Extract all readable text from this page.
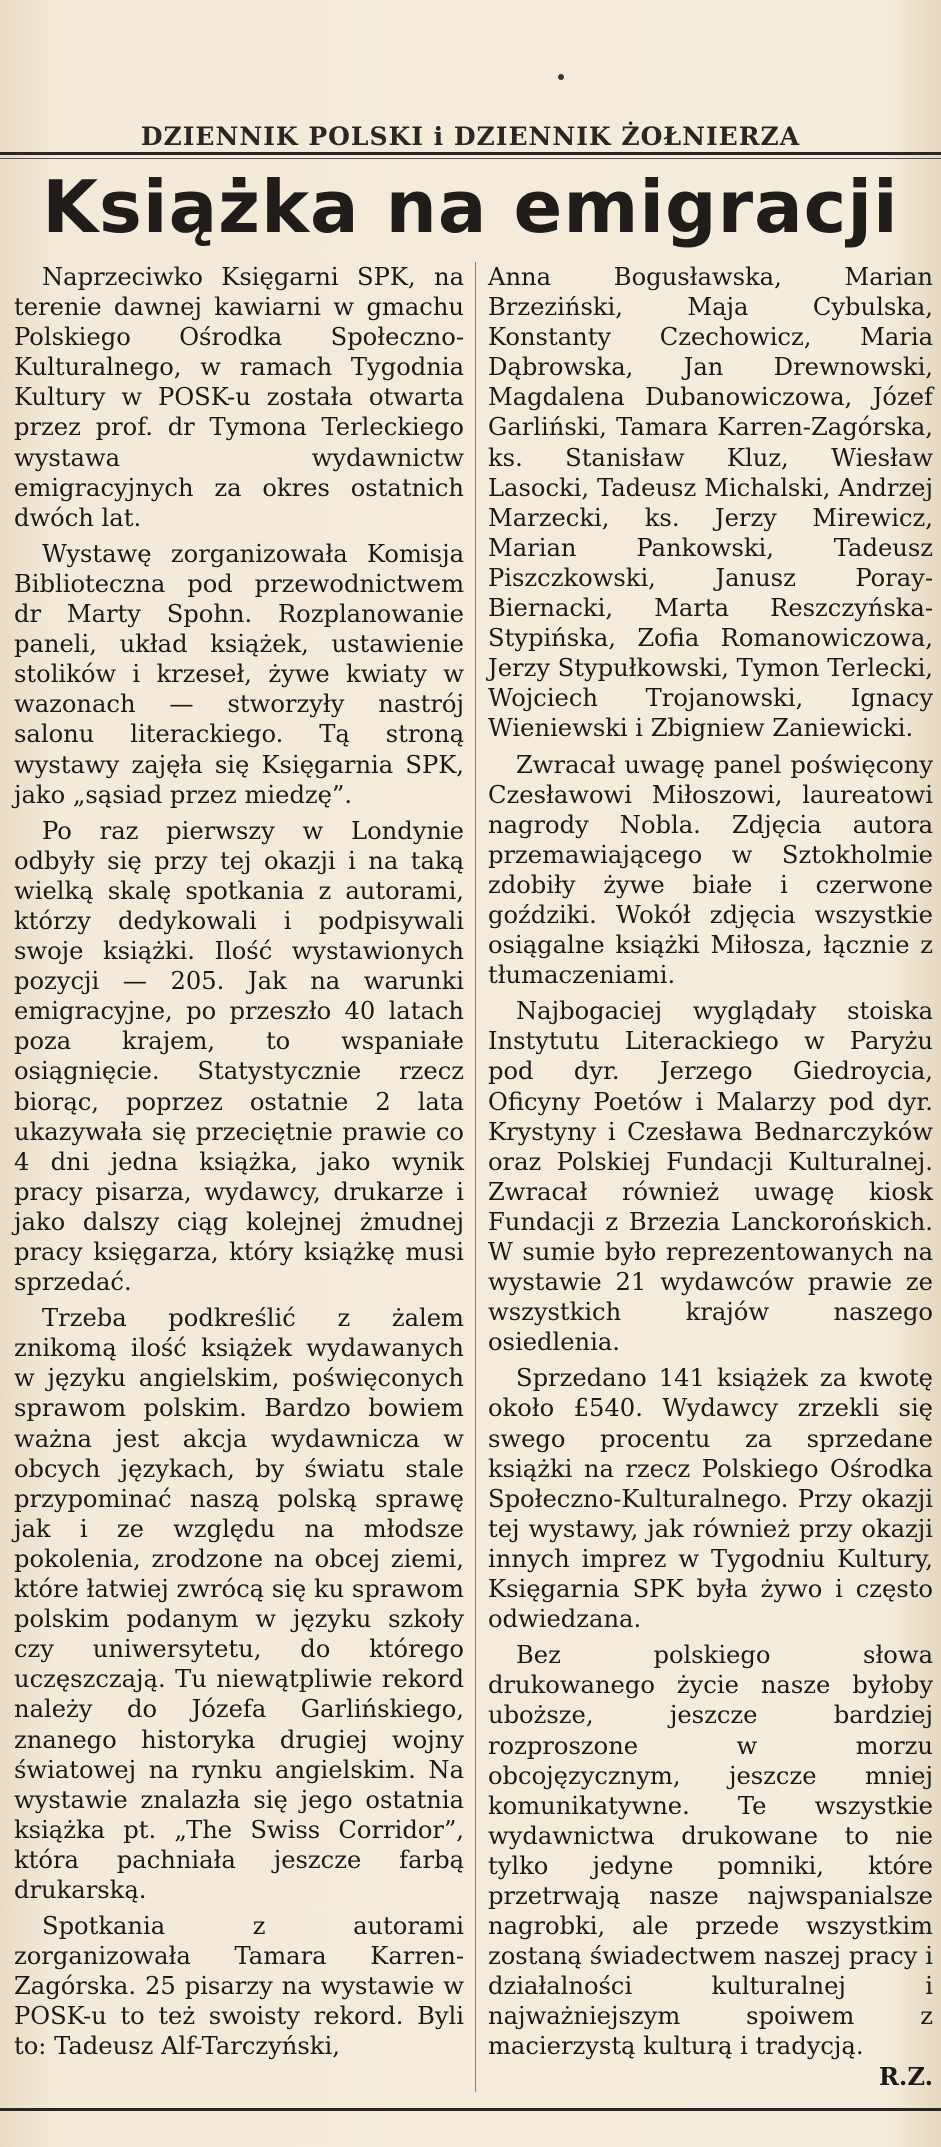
DZIENNIK POLSKI i DZIENNIK ŻOŁNIERZA
Książka na emigracji

Naprzeciwko Księgarni SPK, na terenie dawnej kawiarni w gmachu Polskiego Ośrodka Społeczno-Kulturalnego, w ramach Tygodnia Kultury w POSK-u została otwarta przez prof. dr Tymona Terleckiego wystawa wydawnictw emigracyjnych za okres ostatnich dwóch lat.

Wystawę zorganizowała Komisja Biblioteczna pod przewodnictwem dr Marty Spohn. Rozplanowanie paneli, układ książek, ustawienie stolików i krzeseł, żywe kwiaty w wazonach — stworzyły nastrój salonu literackiego. Tą stroną wystawy zajęła się Księgarnia SPK, jako „sąsiad przez miedzę”.

Po raz pierwszy w Londynie odbyły się przy tej okazji i na taką wielką skalę spotkania z autorami, którzy dedykowali i podpisywali swoje książki. Ilość wystawionych pozycji — 205. Jak na warunki emigracyjne, po przeszło 40 latach poza krajem, to wspaniałe osiągnięcie. Statystycznie rzecz biorąc, poprzez ostatnie 2 lata ukazywała się przeciętnie prawie co 4 dni jedna książka, jako wynik pracy pisarza, wydawcy, drukarze i jako dalszy ciąg kolejnej żmudnej pracy księgarza, który książkę musi sprzedać.

Trzeba podkreślić z żalem znikomą ilość książek wydawanych w języku angielskim, poświęconych sprawom polskim. Bardzo bowiem ważna jest akcja wydawnicza w obcych językach, by światu stale przypominać naszą polską sprawę jak i ze względu na młodsze pokolenia, zrodzone na obcej ziemi, które łatwiej zwrócą się ku sprawom polskim podanym w języku szkoły czy uniwersytetu, do którego uczęszczają. Tu niewątpliwie rekord należy do Józefa Garlińskiego, znanego historyka drugiej wojny światowej na rynku angielskim. Na wystawie znalazła się jego ostatnia książka pt. „The Swiss Corridor”, która pachniała jeszcze farbą drukarską.

Spotkania z autorami zorganizowała Tamara Karren-Zagórska. 25 pisarzy na wystawie w POSK-u to też swoisty rekord. Byli to: Tadeusz Alf-Tarczyński,

Anna Bogusławska, Marian Brzeziński, Maja Cybulska, Konstanty Czechowicz, Maria Dąbrowska, Jan Drewnowski, Magdalena Dubanowiczowa, Józef Garliński, Tamara Karren-Zagórska, ks. Stanisław Kluz, Wiesław Lasocki, Tadeusz Michalski, Andrzej Marzecki, ks. Jerzy Mirewicz, Marian Pankowski, Tadeusz Piszczkowski, Janusz Poray-Biernacki, Marta Reszczyńska-Stypińska, Zofia Romanowiczowa, Jerzy Stypułkowski, Tymon Terlecki, Wojciech Trojanowski, Ignacy Wieniewski i Zbigniew Zaniewicki.

Zwracał uwagę panel poświęcony Czesławowi Miłoszowi, laureatowi nagrody Nobla. Zdjęcia autora przemawiającego w Sztokholmie zdobiły żywe białe i czerwone goździki. Wokół zdjęcia wszystkie osiągalne książki Miłosza, łącznie z tłumaczeniami.

Najbogaciej wyglądały stoiska Instytutu Literackiego w Paryżu pod dyr. Jerzego Giedroycia, Oficyny Poetów i Malarzy pod dyr. Krystyny i Czesława Bednarczyków oraz Polskiej Fundacji Kulturalnej. Zwracał również uwagę kiosk Fundacji z Brzezia Lanckorońskich. W sumie było reprezentowanych na wystawie 21 wydawców prawie ze wszystkich krajów naszego osiedlenia.

Sprzedano 141 książek za kwotę około £540. Wydawcy zrzekli się swego procentu za sprzedane książki na rzecz Polskiego Ośrodka Społeczno-Kulturalnego. Przy okazji tej wystawy, jak również przy okazji innych imprez w Tygodniu Kultury, Księgarnia SPK była żywo i często odwiedzana.

Bez polskiego słowa drukowanego życie nasze byłoby uboższe, jeszcze bardziej rozproszone w morzu obcojęzycznym, jeszcze mniej komunikatywne. Te wszystkie wydawnictwa drukowane to nie tylko jedyne pomniki, które przetrwają nasze najwspanialsze nagrobki, ale przede wszystkim zostaną świadectwem naszej pracy i działalności kulturalnej i najważniejszym spoiwem z macierzystą kulturą i tradycją.

R.Z.
